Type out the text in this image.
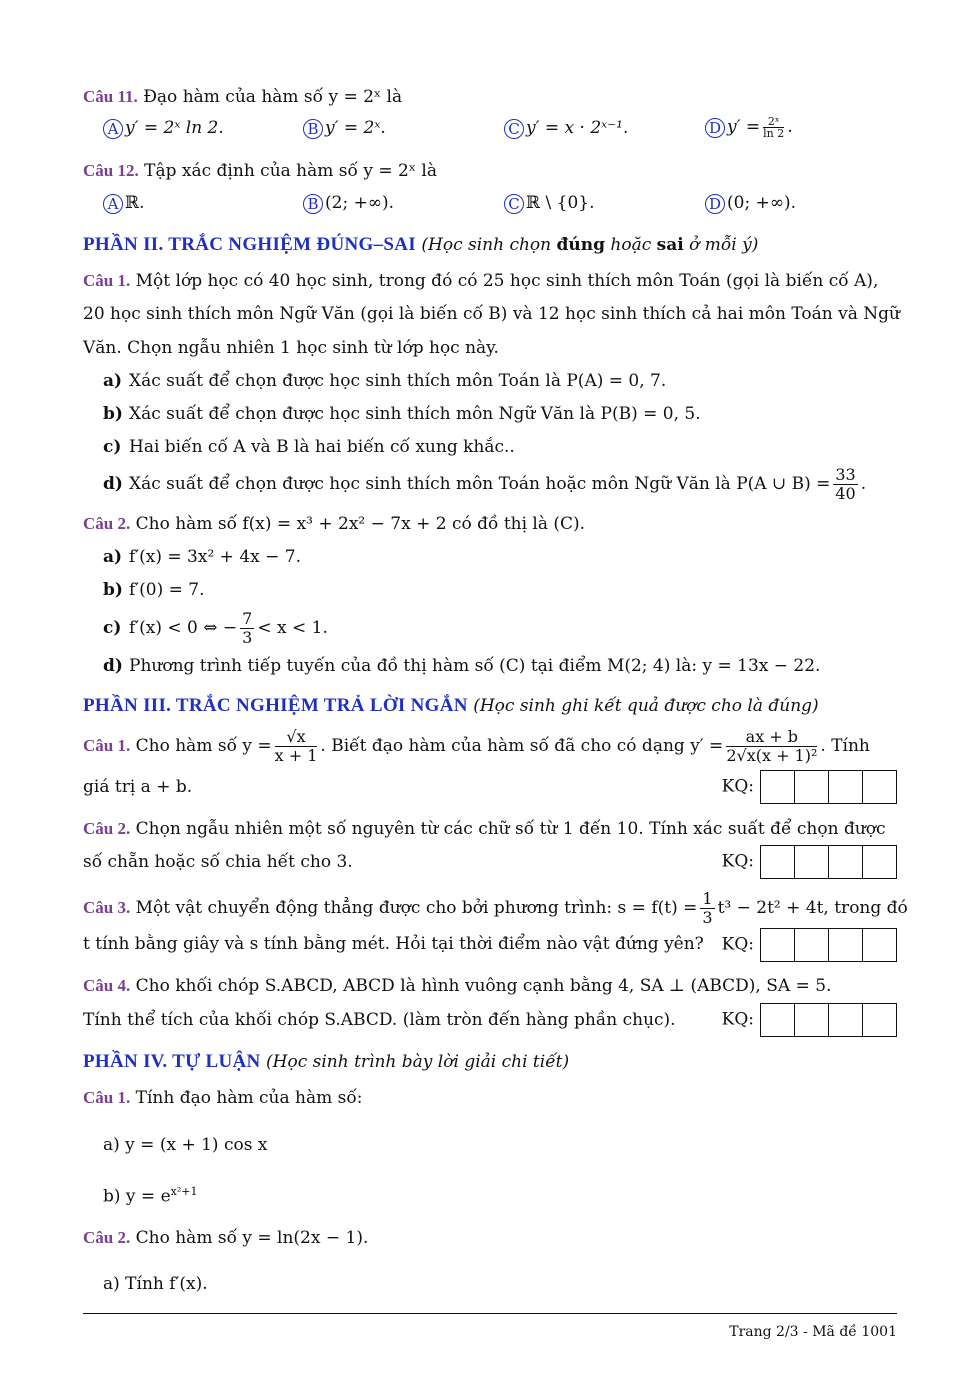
Câu 11. Đạo hàm của hàm số y = 2ˣ là
A y′ = 2ˣ ln 2.	B y′ = 2ˣ.	C y′ = x · 2ˣ⁻¹.	D $y' = \frac{\text{2ˣ}}{\ln 2}$ .
Câu 12. Tập xác định của hàm số y = 2ˣ là
A ℝ.	B (2; +∞).	C ℝ \ {0}.	D (0; +∞).
PHẦN II. TRẮC NGHIỆM ĐÚNG–SAI (Học sinh chọn đúng hoặc sai ở mỗi ý)
Câu 1. Một lớp học có 40 học sinh, trong đó có 25 học sinh thích môn Toán (gọi là biến cố A),
20 học sinh thích môn Ngữ Văn (gọi là biến cố B) và 12 học sinh thích cả hai môn Toán và Ngữ
Văn. Chọn ngẫu nhiên 1 học sinh từ lớp học này.
a) Xác suất để chọn được học sinh thích môn Toán là P(A) = 0, 7.
b) Xác suất để chọn được học sinh thích môn Ngữ Văn là P(B) = 0, 5.
c) Hai biến cố A và B là hai biến cố xung khắc..
d) Xác suất để chọn được học sinh thích môn Toán hoặc môn Ngữ Văn là P(A ∪ $B) = \frac{33}{40}$ .
Câu 2. Cho hàm số f(x) = x³ + 2x² − 7x + 2 có đồ thị là (C).
a) f′(x) = 3x² + 4x − 7.
b) f′(0) = 7.
c) f′(x) < 0 ⇔ − $\frac{7}{3} < x < 1$.
d) Phương trình tiếp tuyến của đồ thị hàm số (C) tại điểm M(2; 4) là: y = 13x − 22.
PHẦN III. TRẮC NGHIỆM TRẢ LỜI NGẮN (Học sinh ghi kết quả được cho là đúng)
Câu 1. Cho hàm số $y = \frac{√x}{x + 1}$ . Biết đạo hàm của hàm số đã cho có dạng $y' = \frac{ax + b}{\text{2√x(x + 1)²}}$ . Tính
giá trị a + b.	KQ:
Câu 2. Chọn ngẫu nhiên một số nguyên từ các chữ số từ 1 đến 10. Tính xác suất để chọn được
số chẵn hoặc số chia hết cho 3.	KQ:
Câu 3. Một vật chuyển động thẳng được cho bởi phương trình: $s = f(t) = \frac{1}{3} t^3 - 2t^2 + 4t$, trong đó
t tính bằng giây và s tính bằng mét. Hỏi tại thời điểm nào vật đứng yên? KQ:
Câu 4. Cho khối chóp S.ABCD, ABCD là hình vuông cạnh bằng 4, SA ⊥ (ABCD), SA = 5.
Tính thể tích của khối chóp S.ABCD. (làm tròn đến hàng phần chục).	KQ:
PHẦN IV. TỰ LUẬN (Học sinh trình bày lời giải chi tiết)
Câu 1. Tính đạo hàm của hàm số:
a) y = (x + 1) cos x
b) $y = e^{x^2+1}$
Câu 2. Cho hàm số y = ln(2x − 1).
a) Tính f′(x).
Trang 2/3 - Mã đề 1001
